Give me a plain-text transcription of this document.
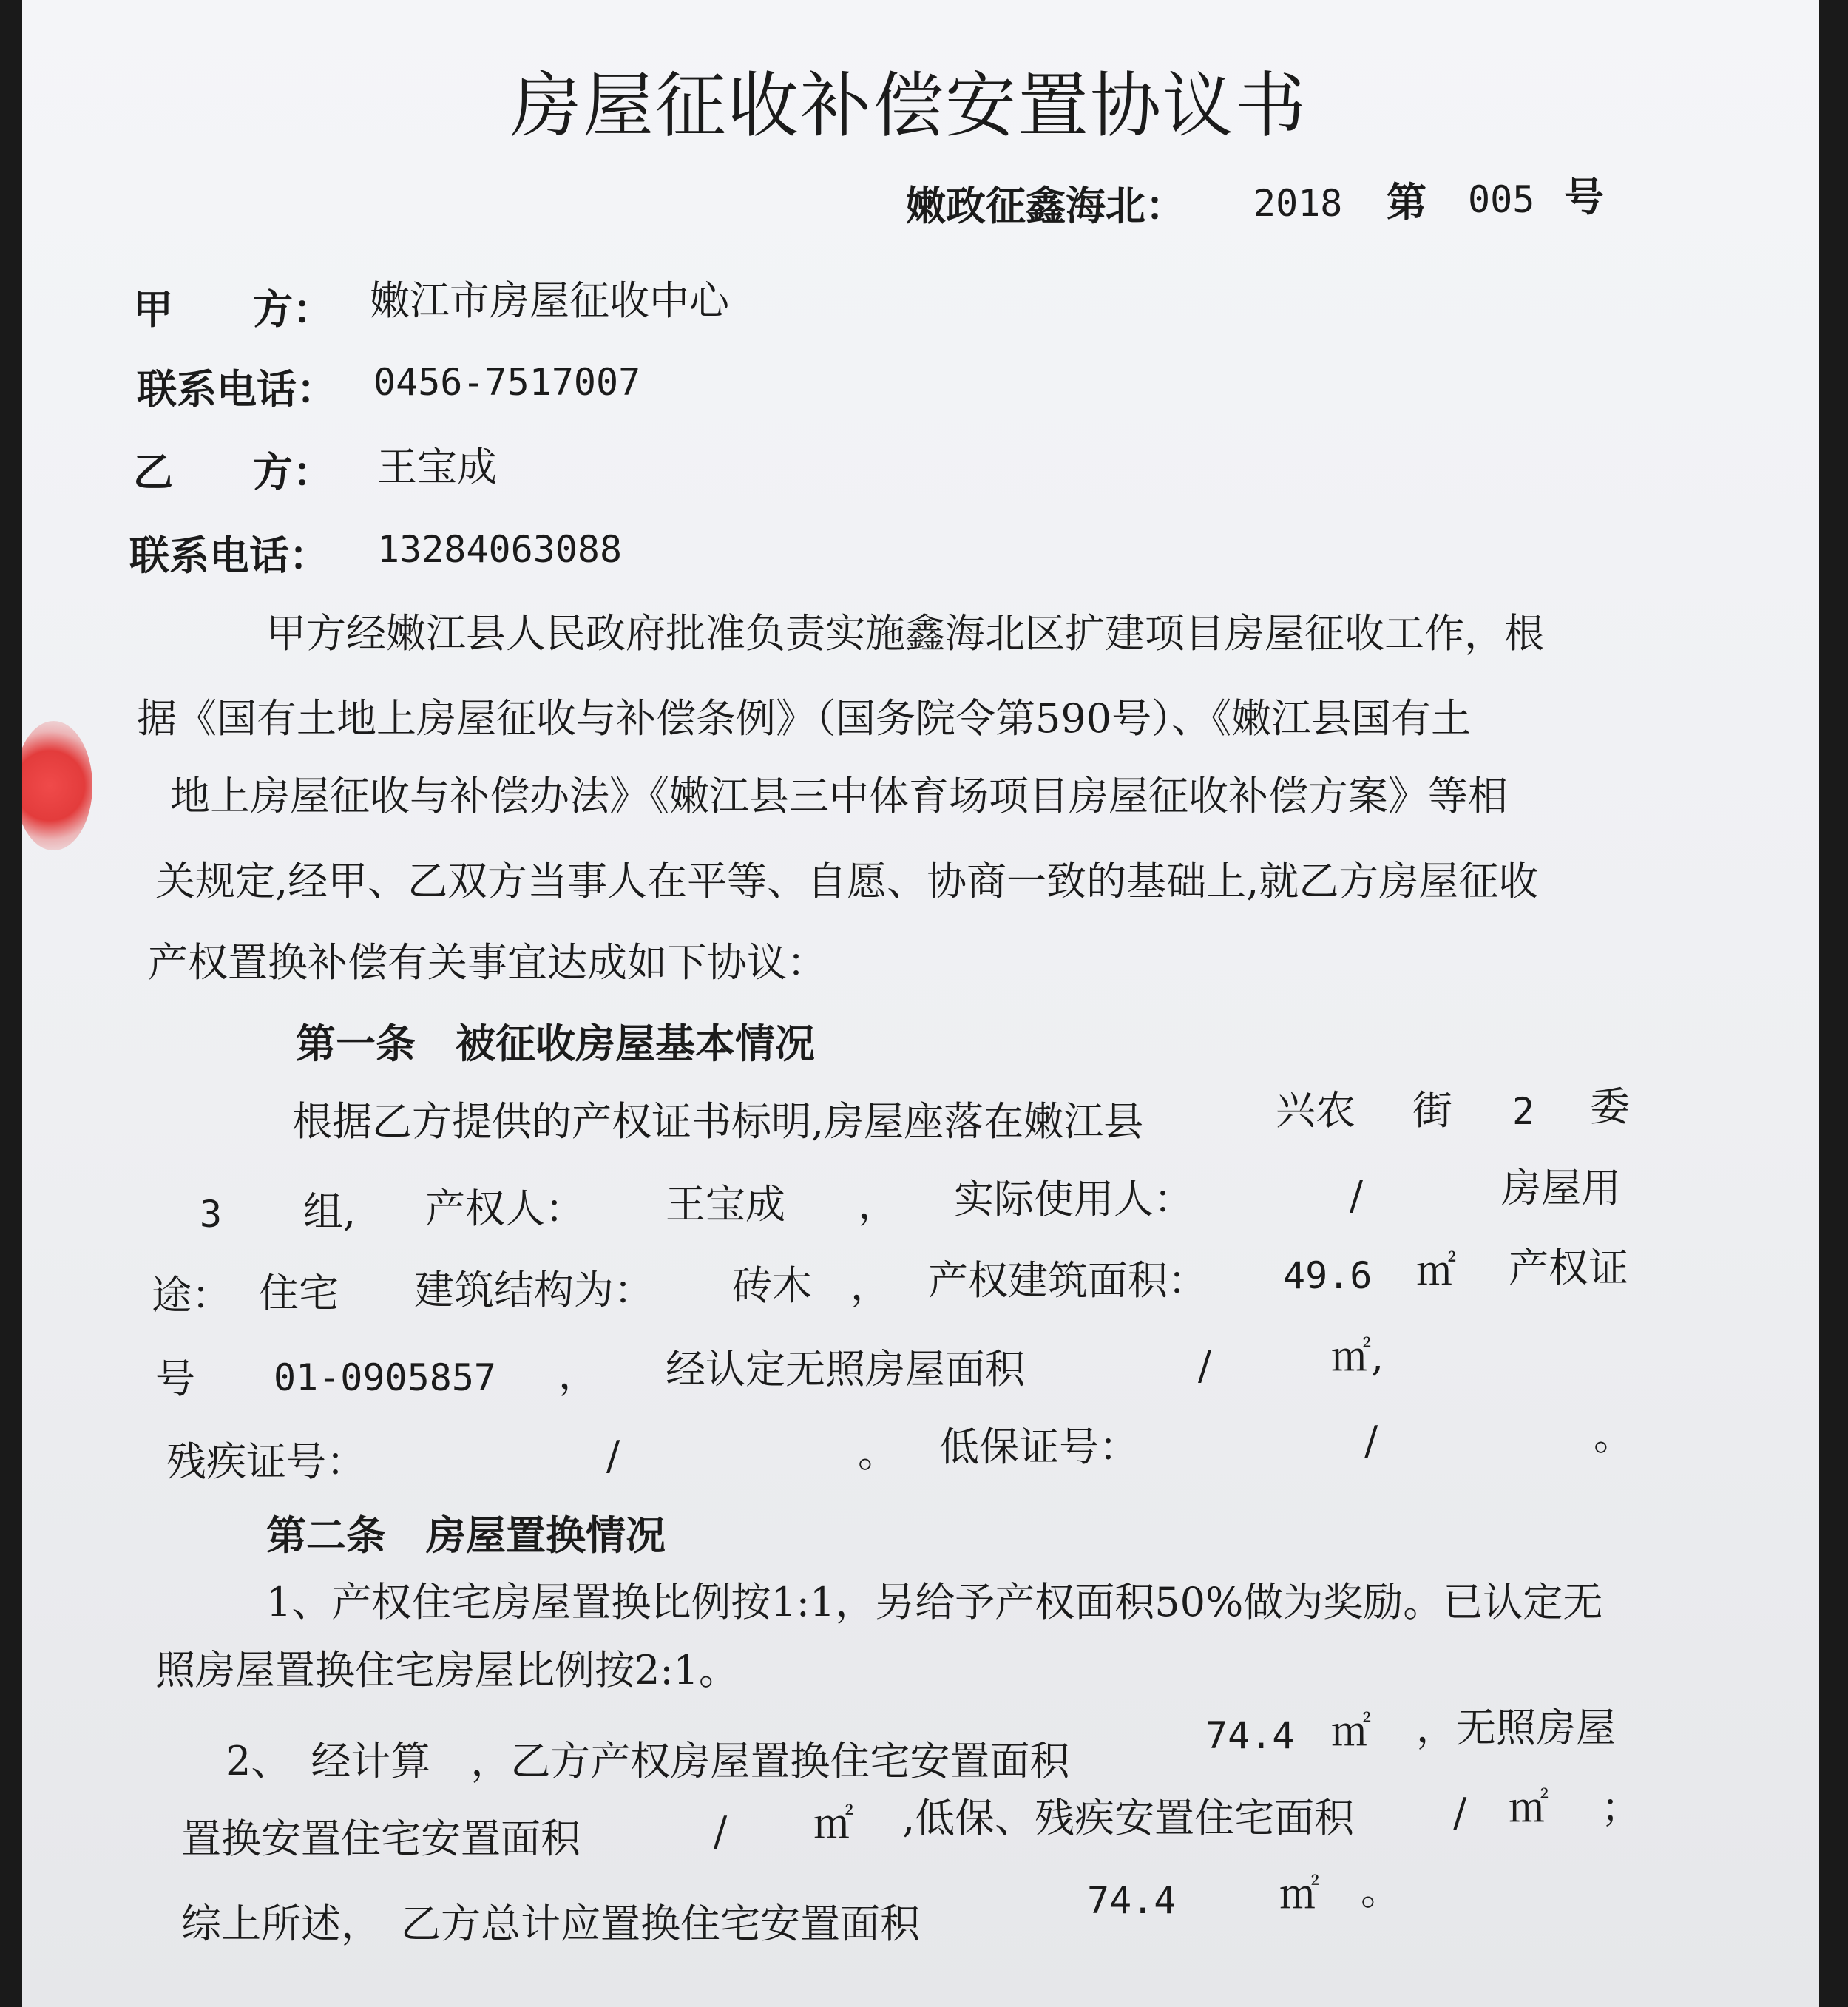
房屋征收补偿安置协议书
嫩政征鑫海北： 2018 第 005 号
甲　　方： 嫩江市房屋征收中心
联系电话： 0456-7517007
乙　　方： 王宝成
联系电话： 13284063088
甲方经嫩江县人民政府批准负责实施鑫海北区扩建项目房屋征收工作，根
据《国有土地上房屋征收与补偿条例》（国务院令第590号）、《嫩江县国有土
地上房屋征收与补偿办法》《嫩江县三中体育场项目房屋征收补偿方案》等相
关规定,经甲、乙双方当事人在平等、自愿、协商一致的基础上,就乙方房屋征收
产权置换补偿有关事宜达成如下协议：
第一条　被征收房屋基本情况
根据乙方提供的产权证书标明,房屋座落在嫩江县	兴农 街 2 委
3 组, 产权人： 王宝成 ， 实际使用人：	/	房屋用
途： 住宅 建筑结构为： 砖木 ， 产权建筑面积： 49.6 ㎡ 产权证
号 01-0905857 ， 经认定无照房屋面积	/	㎡,
残疾证号：	/	。 低保证号：	/	。
第二条　房屋置换情况
1、产权住宅房屋置换比例按1:1，另给予产权面积50%做为奖励。已认定无
照房屋置换住宅房屋比例按2:1。
2、　经计算　，乙方产权房屋置换住宅安置面积
74.4 ㎡ ，无照房屋
置换安置住宅安置面积	/ ㎡ ,低保、残疾安置住宅面积 / ㎡ ；
综上所述，　乙方总计应置换住宅安置面积	74.4	㎡ 。
